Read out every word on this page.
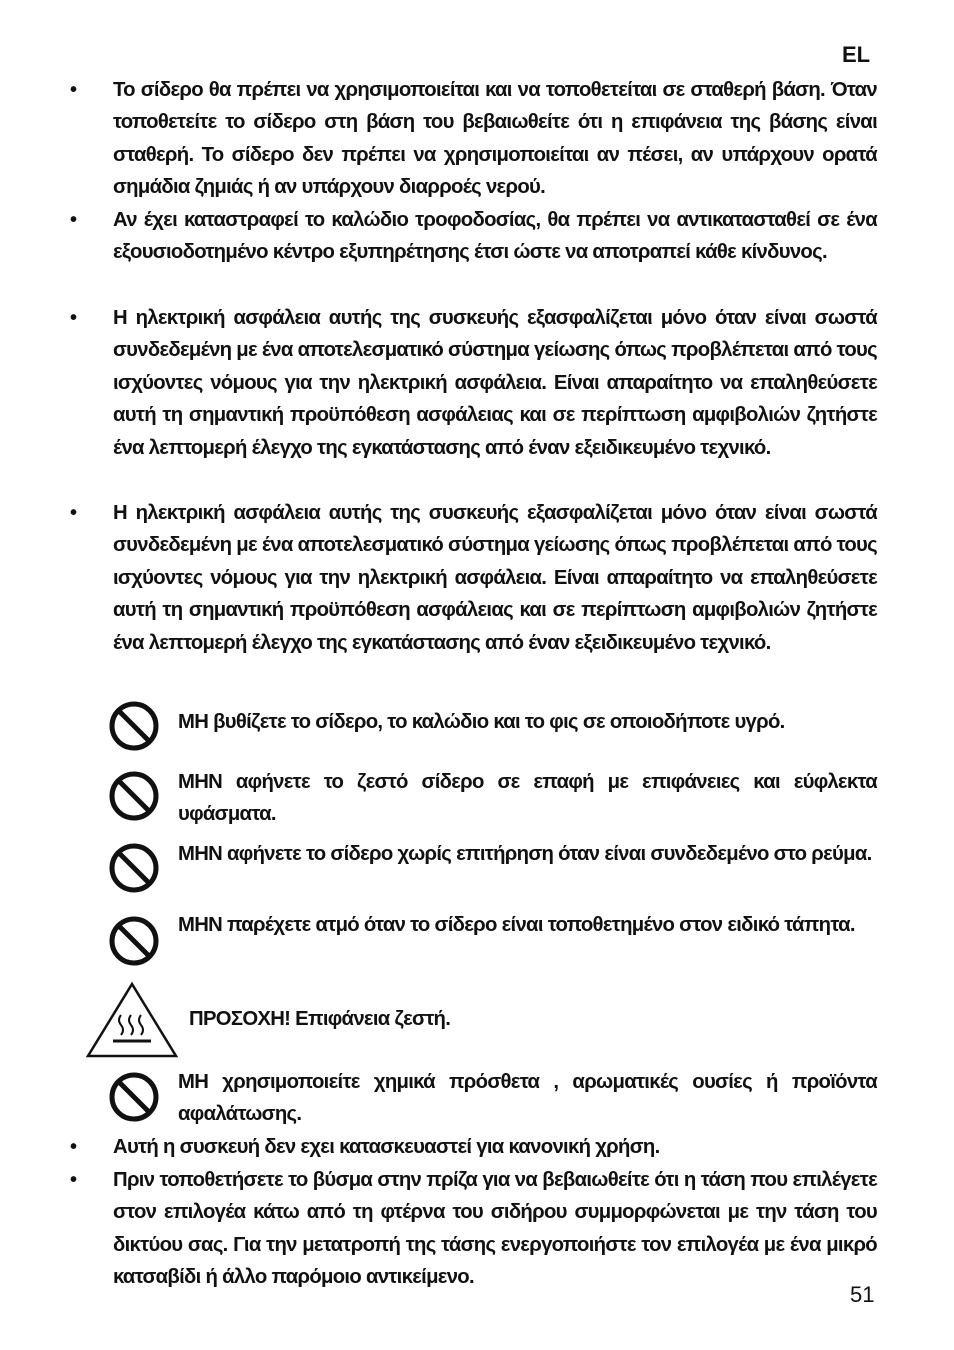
EL
• Το σίδερο θα πρέπει να χρησιμοποιείται και να τοποθετείται σε σταθερή βάση. Όταν τοποθετείτε το σίδερο στη βάση του βεβαιωθείτε ότι η επιφάνεια της βάσης είναι σταθερή. Το σίδερο δεν πρέπει να χρησιμοποιείται αν πέσει, αν υπάρχουν ορατά σημάδια ζημιάς ή αν υπάρχουν διαρροές νερού.
• Αν έχει καταστραφεί το καλώδιο τροφοδοσίας, θα πρέπει να αντικατασταθεί σε ένα εξουσιοδοτημένο κέντρο εξυπηρέτησης έτσι ώστε να αποτραπεί κάθε κίνδυνος.
• Η ηλεκτρική ασφάλεια αυτής της συσκευής εξασφαλίζεται μόνο όταν είναι σωστά συνδεδεμένη με ένα αποτελεσματικό σύστημα γείωσης όπως προβλέπεται από τους ισχύοντες νόμους για την ηλεκτρική ασφάλεια. Είναι απαραίτητο να επαληθεύσετε αυτή τη σημαντική προϋπόθεση ασφάλειας και σε περίπτωση αμφιβολιών ζητήστε ένα λεπτομερή έλεγχο της εγκατάστασης από έναν εξειδικευμένο τεχνικό.
• Η ηλεκτρική ασφάλεια αυτής της συσκευής εξασφαλίζεται μόνο όταν είναι σωστά συνδεδεμένη με ένα αποτελεσματικό σύστημα γείωσης όπως προβλέπεται από τους ισχύοντες νόμους για την ηλεκτρική ασφάλεια. Είναι απαραίτητο να επαληθεύσετε αυτή τη σημαντική προϋπόθεση ασφάλειας και σε περίπτωση αμφιβολιών ζητήστε ένα λεπτομερή έλεγχο της εγκατάστασης από έναν εξειδικευμένο τεχνικό.
ΜΗ βυθίζετε το σίδερο, το καλώδιο και το φις σε οποιοδήποτε υγρό.
ΜΗΝ αφήνετε το ζεστό σίδερο σε επαφή με επιφάνειες και εύφλεκτα υφάσματα.
ΜΗΝ αφήνετε το σίδερο χωρίς επιτήρηση όταν είναι συνδεδεμένο στο ρεύμα.
ΜΗΝ παρέχετε ατμό όταν το σίδερο είναι τοποθετημένο στον ειδικό τάπητα.
ΠΡΟΣΟΧΗ! Επιφάνεια ζεστή.
ΜΗ χρησιμοποιείτε χημικά πρόσθετα , αρωματικές ουσίες ή προϊόντα αφαλάτωσης.
• Αυτή η συσκευή δεν εχει κατασκευαστεί για κανονική χρήση.
• Πριν τοποθετήσετε το βύσμα στην πρίζα για να βεβαιωθείτε ότι η τάση που επιλέγετε στον επιλογέα κάτω από τη φτέρνα του σιδήρου συμμορφώνεται με την τάση του δικτύου σας. Για την μετατροπή της τάσης ενεργοποιήστε τον επιλογέα με ένα μικρό κατσαβίδι ή άλλο παρόμοιο αντικείμενο.
51
